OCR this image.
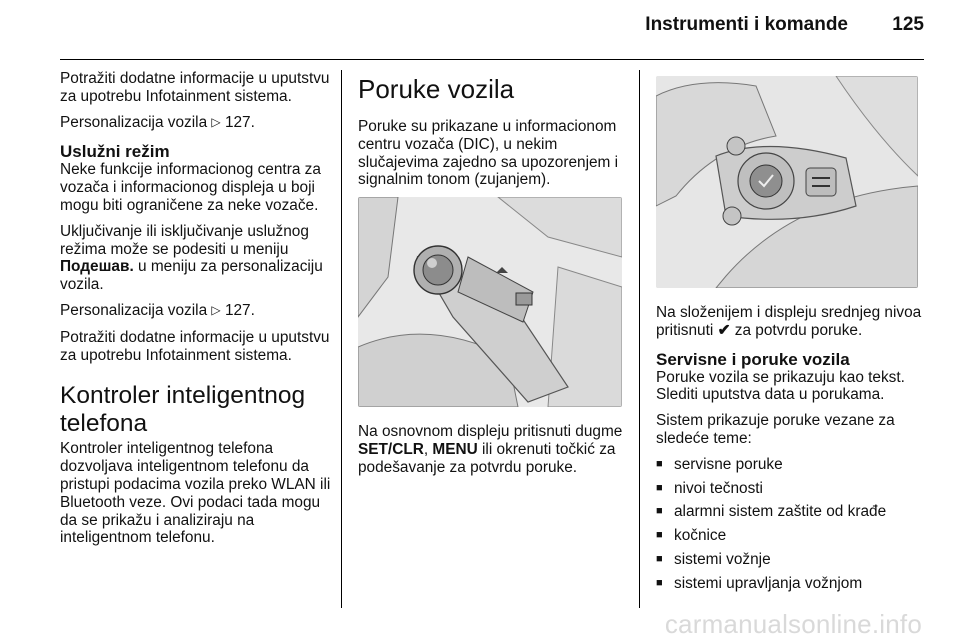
Instrumenti i komande 125

Potražiti dodatne informacije u uputstvu za upotrebu Infotainment sistema.

Personalizacija vozila ▷ 127.

Uslužni režim

Neke funkcije informacionog centra za vozača i informacionog displeja u boji mogu biti ograničene za neke vozače.

Uključivanje ili isključivanje uslužnog režima može se podesiti u meniju Подешав. u meniju za personalizaciju vozila.

Personalizacija vozila ▷ 127.

Potražiti dodatne informacije u uputstvu za upotrebu Infotainment sistema.

Kontroler inteligentnog telefona

Kontroler inteligentnog telefona dozvoljava inteligentnom telefonu da pristupi podacima vozila preko WLAN ili Bluetooth veze. Ovi podaci tada mogu da se prikažu i analiziraju na inteligentnom telefonu.

Poruke vozila

Poruke su prikazane u informacionom centru vozača (DIC), u nekim slučajevima zajedno sa upozorenjem i signalnim tonom (zujanjem).

Na osnovnom displeju pritisnuti dugme SET/CLR, MENU ili okrenuti točkić za podešavanje za potvrdu poruke.

Na složenijem i displeju srednjeg nivoa pritisnuti ✔ za potvrdu poruke.

Servisne i poruke vozila

Poruke vozila se prikazuju kao tekst. Slediti uputstva data u porukama.

Sistem prikazuje poruke vezane za sledeće teme:

■ servisne poruke
■ nivoi tečnosti
■ alarmni sistem zaštite od krađe
■ kočnice
■ sistemi vožnje
■ sistemi upravljanja vožnjom
carmanualsonline.info
